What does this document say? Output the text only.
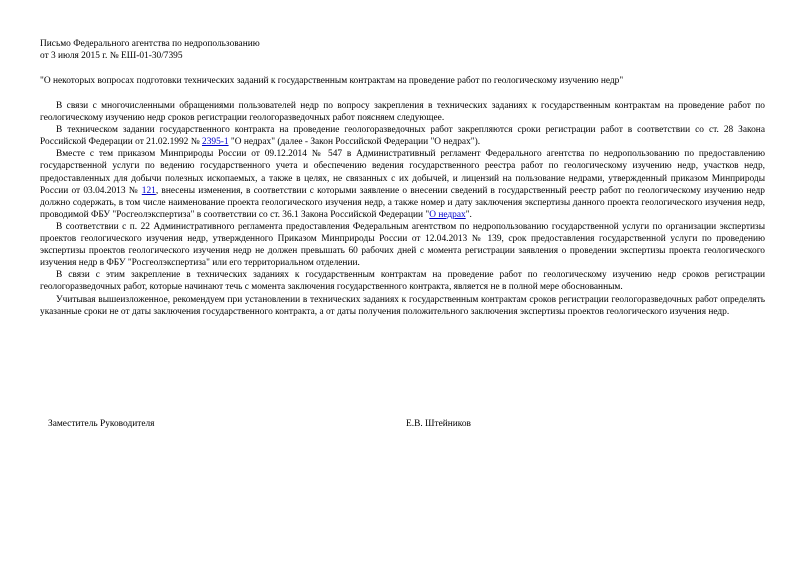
Письмо Федерального агентства по недропользованию
от 3 июля 2015 г. № ЕШ-01-30/7395
"О некоторых вопросах подготовки технических заданий к государственным контрактам на проведение работ по геологическому изучению недр"

В связи с многочисленными обращениями пользователей недр по вопросу закрепления в технических заданиях к государственным контрактам на проведение работ по геологическому изучению недр сроков регистрации геологоразведочных работ поясняем следующее.

В техническом задании государственного контракта на проведение геологоразведочных работ закрепляются сроки регистрации работ в соответствии со ст. 28 Закона Российской Федерации от 21.02.1992 № 2395-1 "О недрах" (далее - Закон Российской Федерации "О недрах").

Вместе с тем приказом Минприроды России от 09.12.2014 № 547 в Административный регламент Федерального агентства по недропользованию по предоставлению государственной услуги по ведению государственного учета и обеспечению ведения государственного реестра работ по геологическому изучению недр, участков недр, предоставленных для добычи полезных ископаемых, а также в целях, не связанных с их добычей, и лицензий на пользование недрами, утвержденный приказом Минприроды России от 03.04.2013 № 121, внесены изменения, в соответствии с которыми заявление о внесении сведений в государственный реестр работ по геологическому изучению недр должно содержать, в том числе наименование проекта геологического изучения недр, а также номер и дату заключения экспертизы данного проекта геологического изучения недр, проводимой ФБУ "Росгеолэкспертиза" в соответствии со ст. 36.1 Закона Российской Федерации "О недрах".

В соответствии с п. 22 Административного регламента предоставления Федеральным агентством по недропользованию государственной услуги по организации экспертизы проектов геологического изучения недр, утвержденного Приказом Минприроды России от 12.04.2013 № 139, срок предоставления государственной услуги по проведению экспертизы проектов геологического изучения недр не должен превышать 60 рабочих дней с момента регистрации заявления о проведении экспертизы проекта геологического изучения недр в ФБУ "Росгеолэкспертиза" или его территориальном отделении.

В связи с этим закрепление в технических заданиях к государственным контрактам на проведение работ по геологическому изучению недр сроков регистрации геологоразведочных работ, которые начинают течь с момента заключения государственного контракта, является не в полной мере обоснованным.

Учитывая вышеизложенное, рекомендуем при установлении в технических заданиях к государственным контрактам сроков регистрации геологоразведочных работ определять указанные сроки не от даты заключения государственного контракта, а от даты получения положительного заключения экспертизы проектов геологического изучения недр.

Заместитель Руководителя	Е.В. Штейников
